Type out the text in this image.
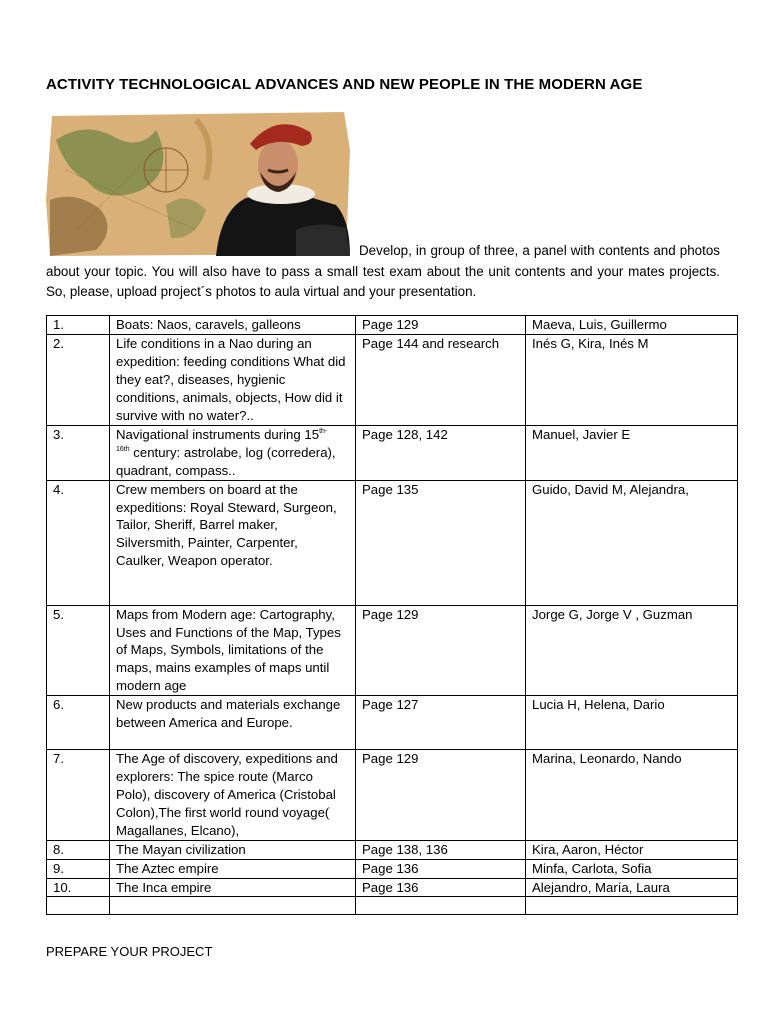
ACTIVITY TECHNOLOGICAL ADVANCES AND NEW PEOPLE IN THE MODERN AGE
Develop, in group of three, a panel with contents and photos about your topic. You will also have to pass a small test exam about the unit contents and your mates projects. So, please, upload project´s photos to aula virtual and your presentation.
1.	Boats: Naos, caravels, galleons	Page 129	Maeva, Luis, Guillermo
2.	Life conditions in a Nao during an expedition: feeding conditions What did they eat?, diseases, hygienic conditions, animals, objects, How did it survive with no water?..	Page 144 and research	Inés G, Kira, Inés M
3.	Navigational instruments during $15^{th-}$
$^{16th}$ century: astrolabe, log (corredera), quadrant, compass..	Page 128, 142	Manuel, Javier E
4.	Crew members on board at the expeditions: Royal Steward, Surgeon, Tailor, Sheriff, Barrel maker, Silversmith, Painter, Carpenter, Caulker, Weapon operator.	Page 135	Guido, David M, Alejandra,
5.	Maps from Modern age: Cartography, Uses and Functions of the Map, Types of Maps, Symbols, limitations of the maps, mains examples of maps until modern age	Page 129	Jorge G, Jorge V , Guzman
6.	New products and materials exchange between America and Europe.	Page 127	Lucia H, Helena, Dario
7.	The Age of discovery, expeditions and explorers: The spice route (Marco Polo), discovery of America (Cristobal Colon),The first world round voyage( Magallanes, Elcano),	Page 129	Marina, Leonardo, Nando
8.	The Mayan civilization	Page 138, 136	Kira, Aaron, Héctor
9.	The Aztec empire	Page 136	Minfa, Carlota, Sofia
10.	The Inca empire	Page 136	Alejandro, María, Laura

PREPARE YOUR PROJECT
